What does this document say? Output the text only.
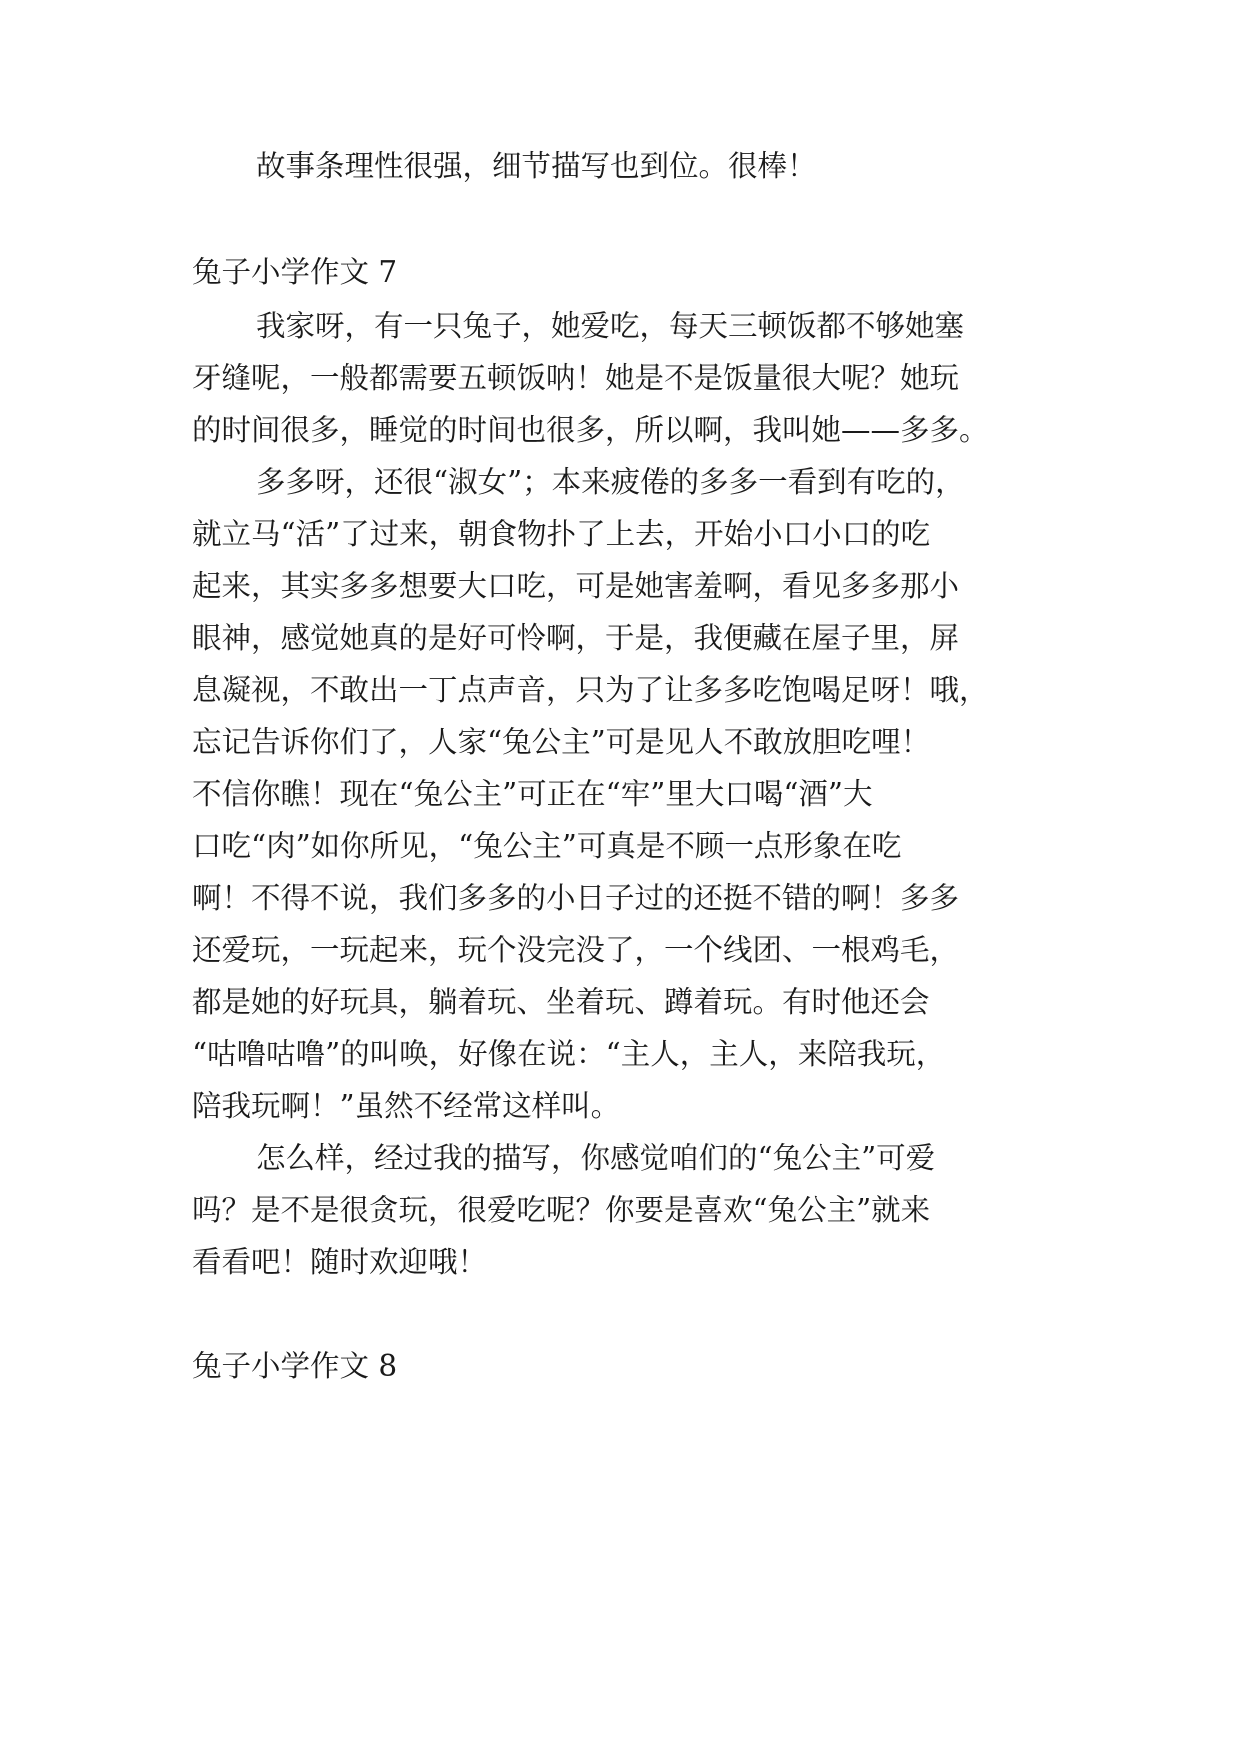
故事条理性很强，细节描写也到位。很棒！
兔子小学作文 7
我家呀，有一只兔子，她爱吃，每天三顿饭都不够她塞
牙缝呢，一般都需要五顿饭呐！她是不是饭量很大呢？她玩
的时间很多，睡觉的时间也很多，所以啊，我叫她——多多。
多多呀，还很“淑女”；本来疲倦的多多一看到有吃的，
就立马“活”了过来，朝食物扑了上去，开始小口小口的吃
起来，其实多多想要大口吃，可是她害羞啊，看见多多那小
眼神，感觉她真的是好可怜啊，于是，我便藏在屋子里，屏
息凝视，不敢出一丁点声音，只为了让多多吃饱喝足呀！哦，
忘记告诉你们了，人家“兔公主”可是见人不敢放胆吃哩！
不信你瞧！现在“兔公主”可正在“牢”里大口喝“酒”大
口吃“肉”如你所见，“兔公主”可真是不顾一点形象在吃
啊！不得不说，我们多多的小日子过的还挺不错的啊！多多
还爱玩，一玩起来，玩个没完没了，一个线团、一根鸡毛，
都是她的好玩具，躺着玩、坐着玩、蹲着玩。有时他还会
“咕噜咕噜”的叫唤，好像在说：“主人，主人，来陪我玩，
陪我玩啊！”虽然不经常这样叫。
怎么样，经过我的描写，你感觉咱们的“兔公主”可爱
吗？是不是很贪玩，很爱吃呢？你要是喜欢“兔公主”就来
看看吧！随时欢迎哦！
兔子小学作文 8
